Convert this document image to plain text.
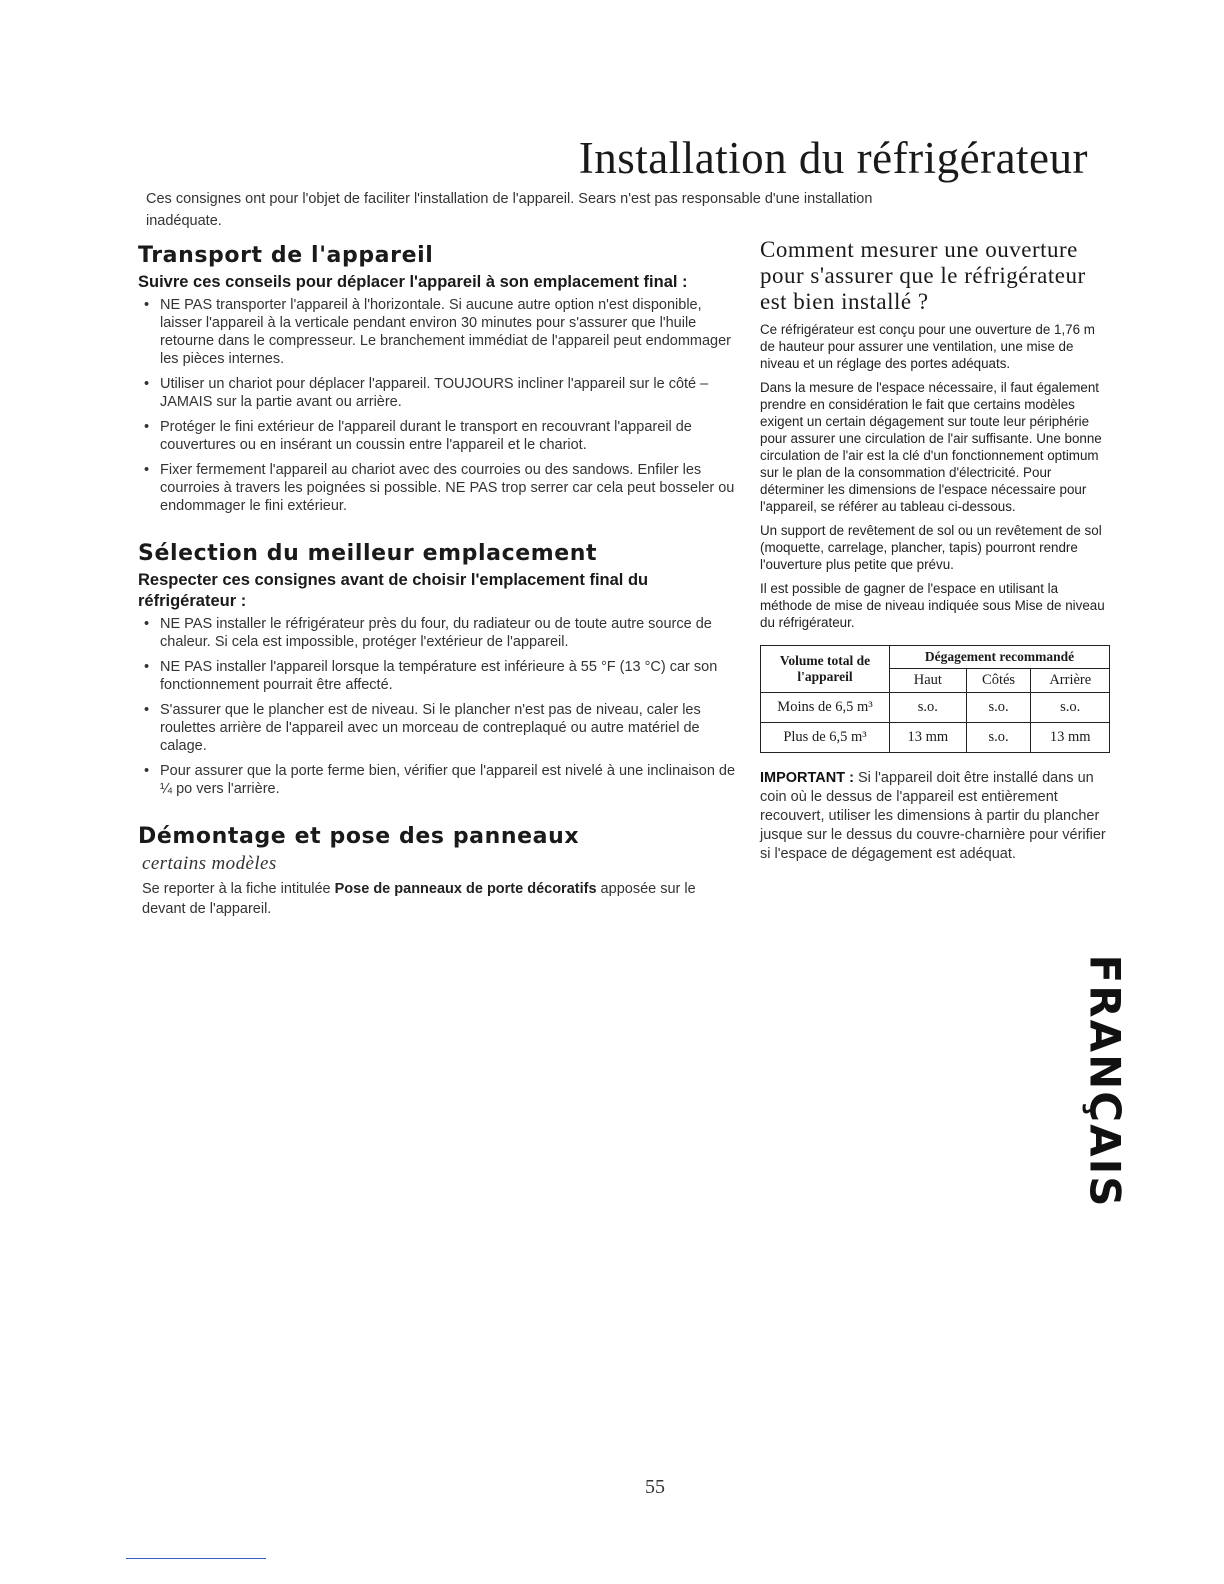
Installation du réfrigérateur

Ces consignes ont pour l'objet de faciliter l'installation de l'appareil. Sears n'est pas responsable d'une installation inadéquate.

Transport de l'appareil

Suivre ces conseils pour déplacer l'appareil à son emplacement final :

• NE PAS transporter l'appareil à l'horizontale. Si aucune autre option n'est disponible, laisser l'appareil à la verticale pendant environ 30 minutes pour s'assurer que l'huile retourne dans le compresseur. Le branchement immédiat de l'appareil peut endommager les pièces internes.
• Utiliser un chariot pour déplacer l'appareil. TOUJOURS incliner l'appareil sur le côté – JAMAIS sur la partie avant ou arrière.
• Protéger le fini extérieur de l'appareil durant le transport en recouvrant l'appareil de couvertures ou en insérant un coussin entre l'appareil et le chariot.
• Fixer fermement l'appareil au chariot avec des courroies ou des sandows. Enfiler les courroies à travers les poignées si possible. NE PAS trop serrer car cela peut bosseler ou endommager le fini extérieur.
Sélection du meilleur emplacement

Respecter ces consignes avant de choisir l'emplacement final du réfrigérateur :

• NE PAS installer le réfrigérateur près du four, du radiateur ou de toute autre source de chaleur. Si cela est impossible, protéger l'extérieur de l'appareil.
• NE PAS installer l'appareil lorsque la température est inférieure à 55 °F (13 °C) car son fonctionnement pourrait être affecté.
• S'assurer que le plancher est de niveau. Si le plancher n'est pas de niveau, caler les roulettes arrière de l'appareil avec un morceau de contreplaqué ou autre matériel de calage.
• Pour assurer que la porte ferme bien, vérifier que l'appareil est nivelé à une inclinaison de ¼ po vers l'arrière.
Démontage et pose des panneaux

certains modèles

Se reporter à la fiche intitulée Pose de panneaux de porte décoratifs apposée sur le devant de l'appareil.

Comment mesurer une ouverture pour s'assurer que le réfrigérateur est bien installé ?

Ce réfrigérateur est conçu pour une ouverture de 1,76 m de hauteur pour assurer une ventilation, une mise de niveau et un réglage des portes adéquats.

Dans la mesure de l'espace nécessaire, il faut également prendre en considération le fait que certains modèles exigent un certain dégagement sur toute leur périphérie pour assurer une circulation de l'air suffisante. Une bonne circulation de l'air est la clé d'un fonctionnement optimum sur le plan de la consommation d'électricité. Pour déterminer les dimensions de l'espace nécessaire pour l'appareil, se référer au tableau ci-dessous.

Un support de revêtement de sol ou un revêtement de sol (moquette, carrelage, plancher, tapis) pourront rendre l'ouverture plus petite que prévu.

Il est possible de gagner de l'espace en utilisant la méthode de mise de niveau indiquée sous Mise de niveau du réfrigérateur.

Volume total de l'appareil	Dégagement recommandé		
	Haut	Côtés	Arrière
Moins de 6,5 m³	s.o.	s.o.	s.o.
Plus de 6,5 m³	13 mm	s.o.	13 mm

IMPORTANT : Si l'appareil doit être installé dans un coin où le dessus de l'appareil est entièrement recouvert, utiliser les dimensions à partir du plancher jusque sur le dessus du couvre-charnière pour vérifier si l'espace de dégagement est adéquat.

FRANÇAIS

55
